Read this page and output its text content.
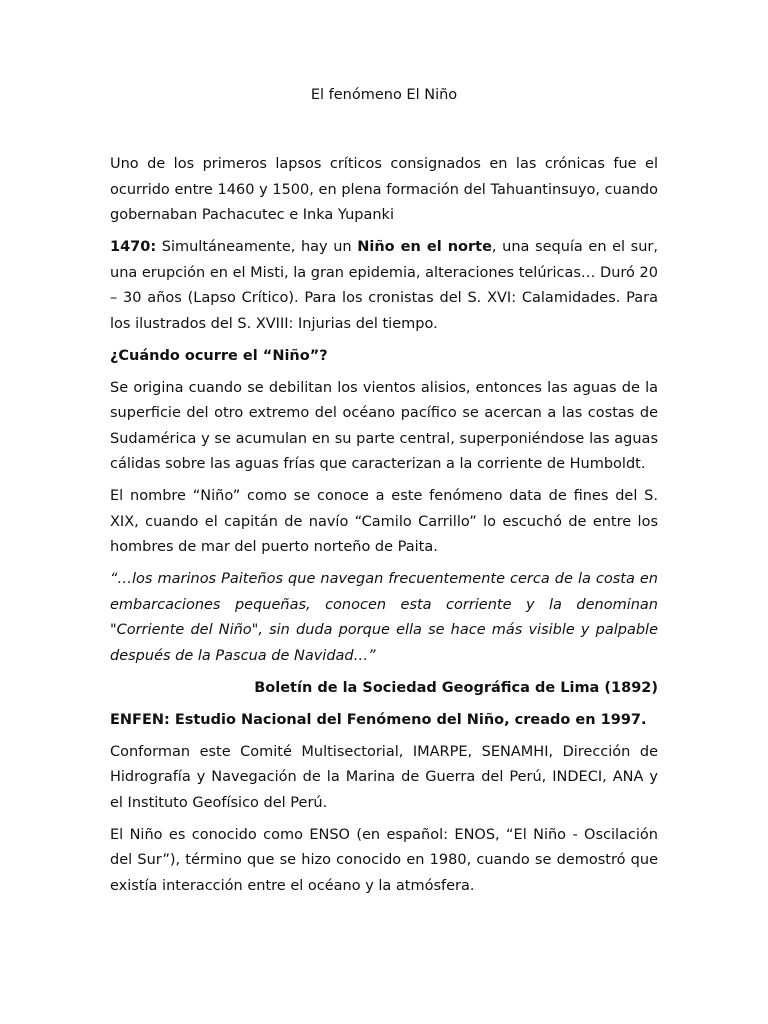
El fenómeno El Niño

Uno de los primeros lapsos críticos consignados en las crónicas fue el ocurrido entre 1460 y 1500, en plena formación del Tahuantinsuyo, cuando gobernaban Pachacutec e Inka Yupanki

1470: Simultáneamente, hay un Niño en el norte, una sequía en el sur, una erupción en el Misti, la gran epidemia, alteraciones telúricas… Duró 20 – 30 años (Lapso Crítico). Para los cronistas del S. XVI: Calamidades. Para los ilustrados del S. XVIII: Injurias del tiempo.

¿Cuándo ocurre el “Niño”?

Se origina cuando se debilitan los vientos alisios, entonces las aguas de la superficie del otro extremo del océano pacífico se acercan a las costas de Sudamérica y se acumulan en su parte central, superponiéndose las aguas cálidas sobre las aguas frías que caracterizan a la corriente de Humboldt.

El nombre “Niño” como se conoce a este fenómeno data de fines del S. XIX, cuando el capitán de navío “Camilo Carrillo” lo escuchó de entre los hombres de mar del puerto norteño de Paita.

“…los marinos Paiteños que navegan frecuentemente cerca de la costa en embarcaciones pequeñas, conocen esta corriente y la denominan "Corriente del Niño", sin duda porque ella se hace más visible y palpable después de la Pascua de Navidad…”

Boletín de la Sociedad Geográfica de Lima (1892)

ENFEN: Estudio Nacional del Fenómeno del Niño, creado en 1997.

Conforman este Comité Multisectorial, IMARPE, SENAMHI, Dirección de Hidrografía y Navegación de la Marina de Guerra del Perú, INDECI, ANA y el Instituto Geofísico del Perú.

El Niño es conocido como ENSO (en español: ENOS, “El Niño - Oscilación del Sur”), término que se hizo conocido en 1980, cuando se demostró que existía interacción entre el océano y la atmósfera.
